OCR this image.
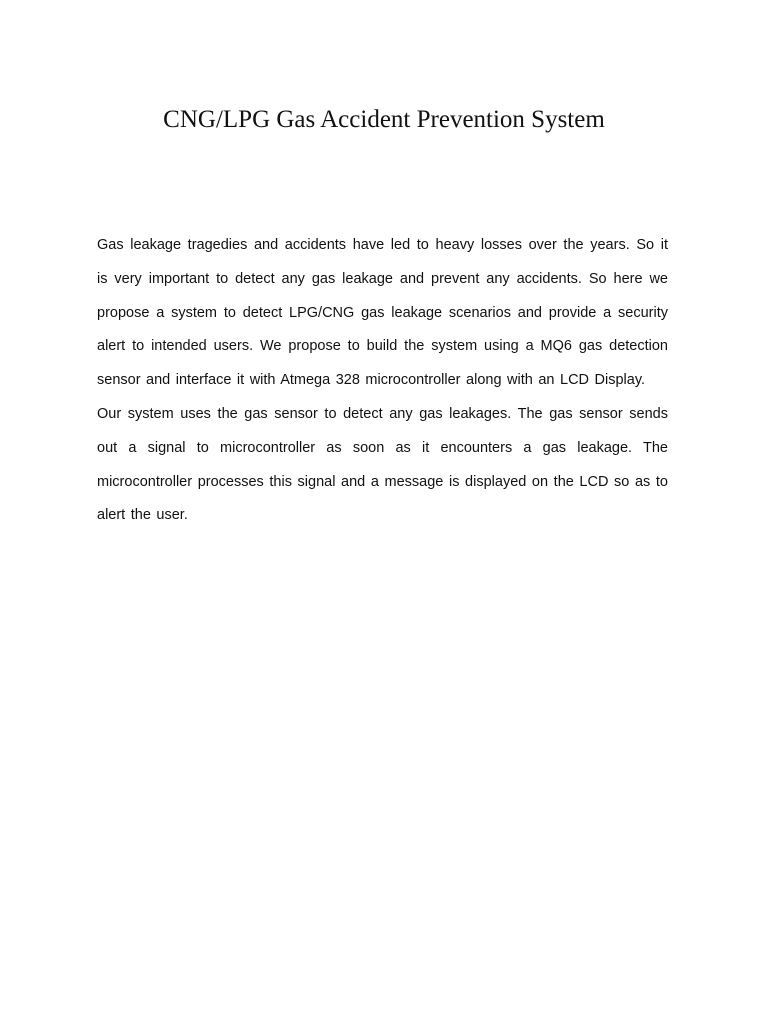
CNG/LPG Gas Accident Prevention System

Gas leakage tragedies and accidents have led to heavy losses over the years. So it is very important to detect any gas leakage and prevent any accidents. So here we propose a system to detect LPG/CNG gas leakage scenarios and provide a security alert to intended users. We propose to build the system using a MQ6 gas detection sensor and interface it with Atmega 328 microcontroller along with an LCD Display.

Our system uses the gas sensor to detect any gas leakages. The gas sensor sends out a signal to microcontroller as soon as it encounters a gas leakage. The microcontroller processes this signal and a message is displayed on the LCD so as to alert the user.
